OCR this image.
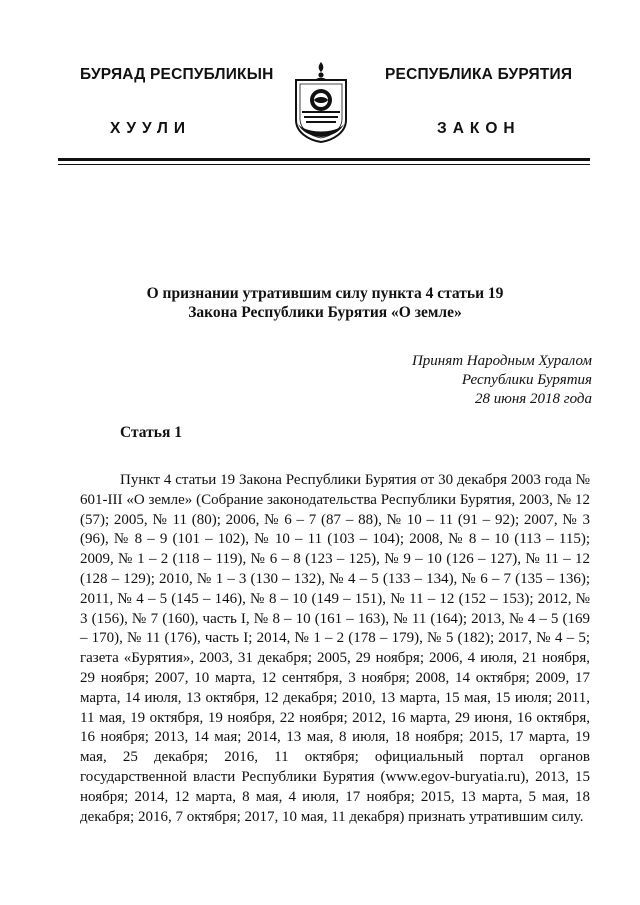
БУРЯАД РЕСПУБЛИКЫН
ХУУЛИ
РЕСПУБЛИКА БУРЯТИЯ
ЗАКОН
О признании утратившим силу пункта 4 статьи 19
Закона Республики Бурятия «О земле»
Принят Народным Хуралом
Республики Бурятия
28 июня 2018 года
Статья 1

Пункт 4 статьи 19 Закона Республики Бурятия от 30 декабря 2003 года № 601-III «О земле» (Собрание законодательства Республики Бурятия, 2003, № 12 (57); 2005, № 11 (80); 2006, № 6 – 7 (87 – 88), № 10 – 11 (91 – 92); 2007, № 3 (96), № 8 – 9 (101 – 102), № 10 – 11 (103 – 104); 2008, № 8 – 10 (113 – 115); 2009, № 1 – 2 (118 – 119), № 6 – 8 (123 – 125), № 9 – 10 (126 – 127), № 11 – 12 (128 – 129); 2010, № 1 – 3 (130 – 132), № 4 – 5 (133 – 134), № 6 – 7 (135 – 136); 2011, № 4 – 5 (145 – 146), № 8 – 10 (149 – 151), № 11 – 12 (152 – 153); 2012, № 3 (156), № 7 (160), часть I, № 8 – 10 (161 – 163), № 11 (164); 2013, № 4 – 5 (169 – 170), № 11 (176), часть I; 2014, № 1 – 2 (178 – 179), № 5 (182); 2017, № 4 – 5; газета «Бурятия», 2003, 31 декабря; 2005, 29 ноября; 2006, 4 июля, 21 ноября, 29 ноября; 2007, 10 марта, 12 сентября, 3 ноября; 2008, 14 октября; 2009, 17 марта, 14 июля, 13 октября, 12 декабря; 2010, 13 марта, 15 мая, 15 июля; 2011, 11 мая, 19 октября, 19 ноября, 22 ноября; 2012, 16 марта, 29 июня, 16 октября, 16 ноября; 2013, 14 мая; 2014, 13 мая, 8 июля, 18 ноября; 2015, 17 марта, 19 мая, 25 декабря; 2016, 11 октября; официальный портал органов государственной власти Республики Бурятия (www.egov-buryatia.ru), 2013, 15 ноября; 2014, 12 марта, 8 мая, 4 июля, 17 ноября; 2015, 13 марта, 5 мая, 18 декабря; 2016, 7 октября; 2017, 10 мая, 11 декабря) признать утратившим силу.
